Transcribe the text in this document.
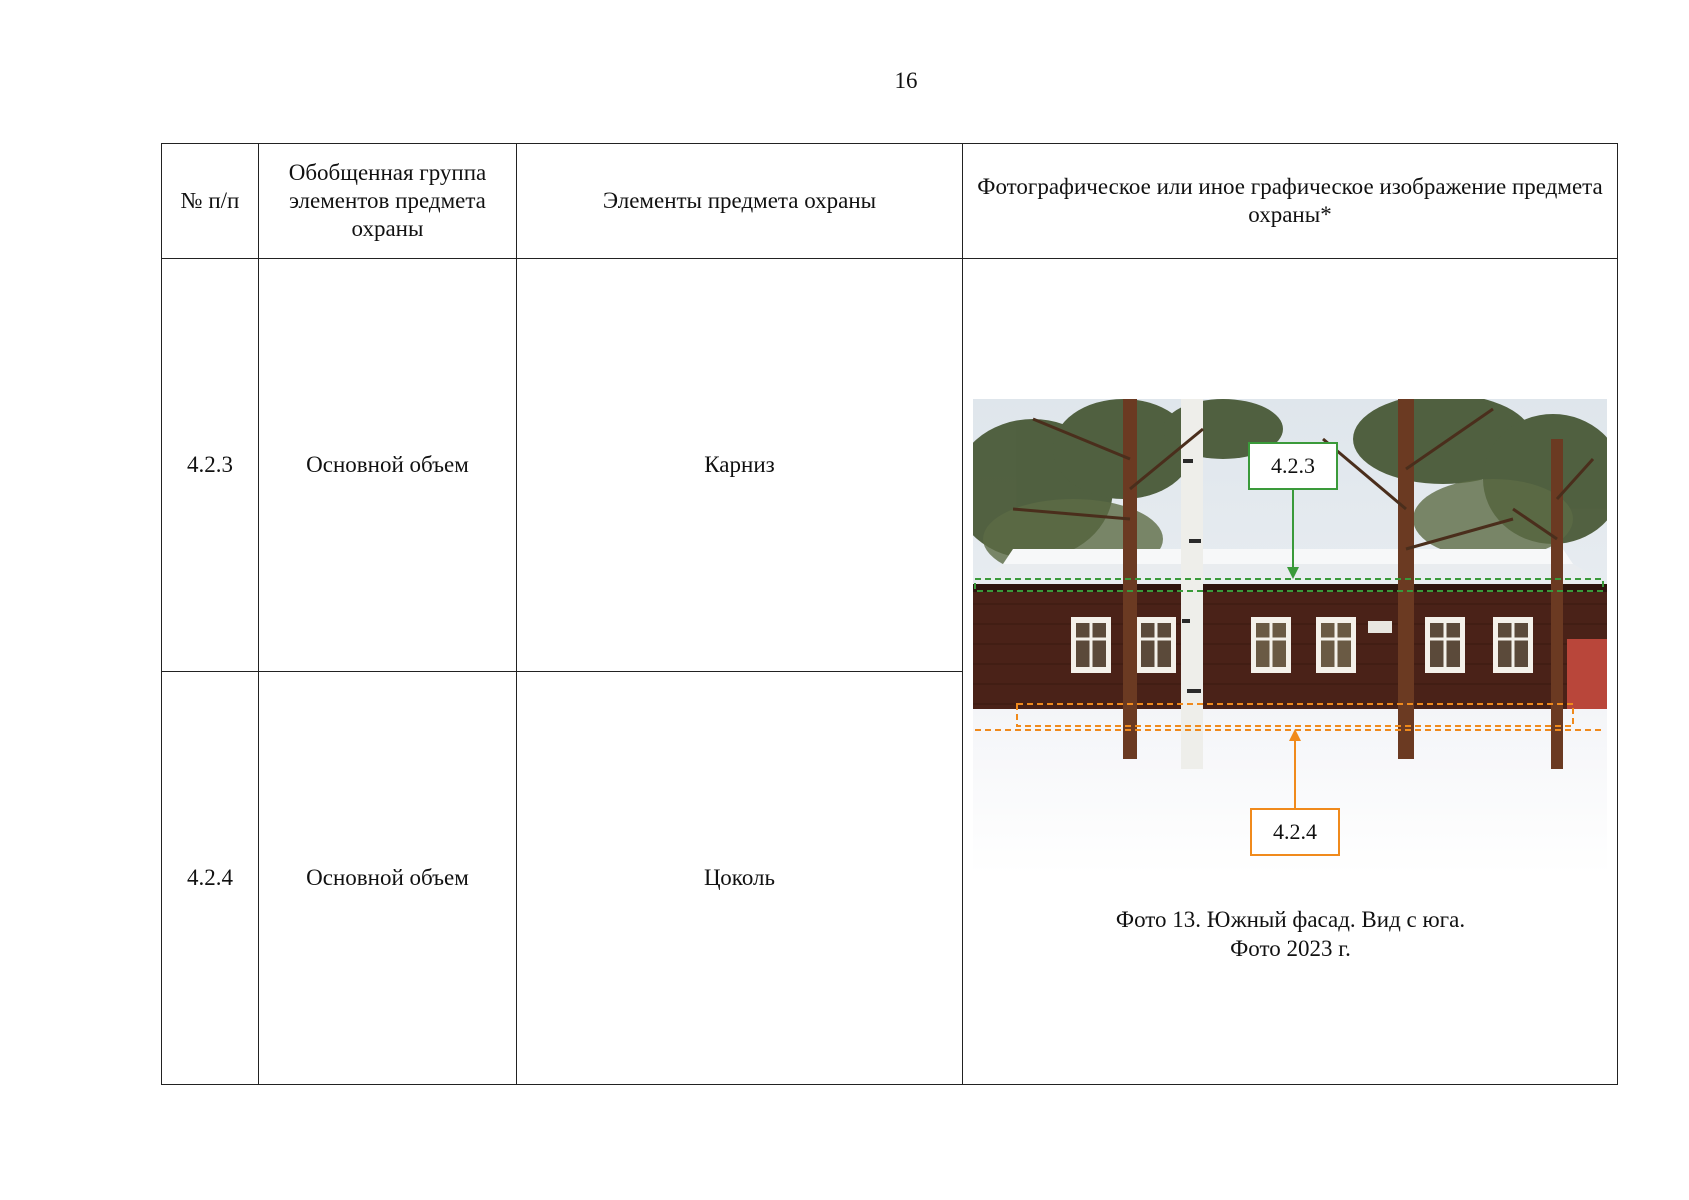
16
№ п/п	Обобщенная группа элементов предмета охраны	Элементы предмета охраны	Фотографическое или иное графическое изображение предмета охраны*
4.2.3	Основной объем	Карниз	4.2.3
4.2.4
Фото 13. Южный фасад. Вид с юга.
Фото 2023 г.

4.2.4	Основной объем	Цоколь	
